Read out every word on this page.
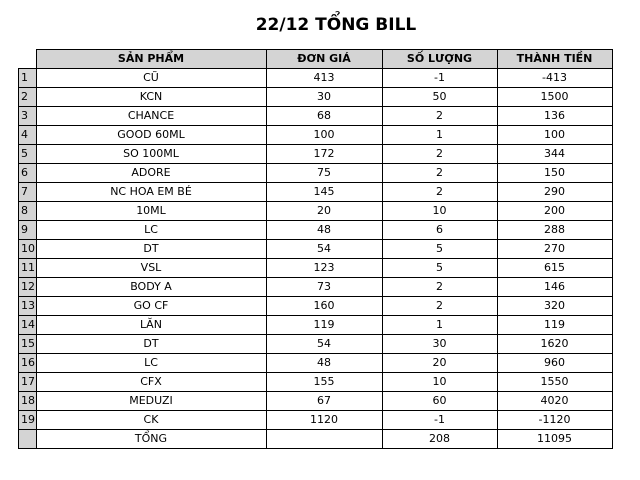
22/12 TỔNG BILL
	SẢN PHẨM	ĐƠN GIÁ	SỐ LƯỢNG	THÀNH TIỀN
1	CŨ	413	-1	-413
2	KCN	30	50	1500
3	CHANCE	68	2	136
4	GOOD 60ML	100	1	100
5	SO 100ML	172	2	344
6	ADORE	75	2	150
7	NC HOA EM BÉ	145	2	290
8	10ML	20	10	200
9	LC	48	6	288
10	DT	54	5	270
11	VSL	123	5	615
12	BODY A	73	2	146
13	GO CF	160	2	320
14	LĂN	119	1	119
15	DT	54	30	1620
16	LC	48	20	960
17	CFX	155	10	1550
18	MEDUZI	67	60	4020
19	CK	1120	-1	-1120
	TỔNG		208	11095
